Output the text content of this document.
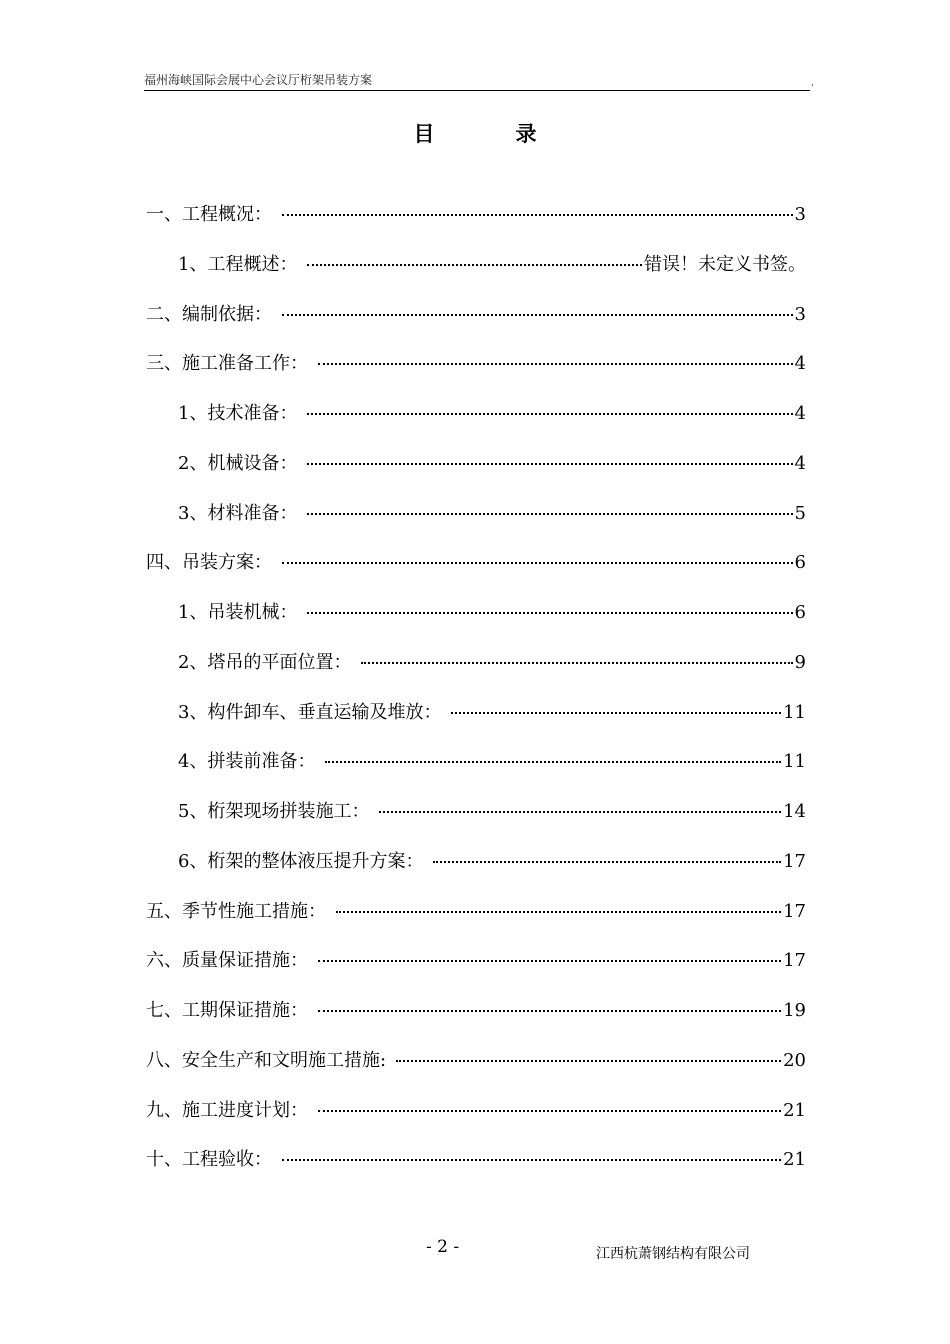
福州海峡国际会展中心会议厅桁架吊装方案	,
目　录
一、工程概况：	3
1、工程概述：	错误！未定义书签。
二、编制依据：	3
三、施工准备工作：	4
1、技术准备：	4
2、机械设备：	4
3、材料准备：	5
四、吊装方案：	6
1、吊装机械：	6
2、塔吊的平面位置：	9
3、构件卸车、垂直运输及堆放：	11
4、拼装前准备：	11
5、桁架现场拼装施工：	14
6、桁架的整体液压提升方案：	17
五、季节性施工措施：	17
六、质量保证措施：	17
七、工期保证措施：	19
八、安全生产和文明施工措施:	20
九、施工进度计划：	21
十、工程验收：	21
- 2 -	江西杭萧钢结构有限公司
